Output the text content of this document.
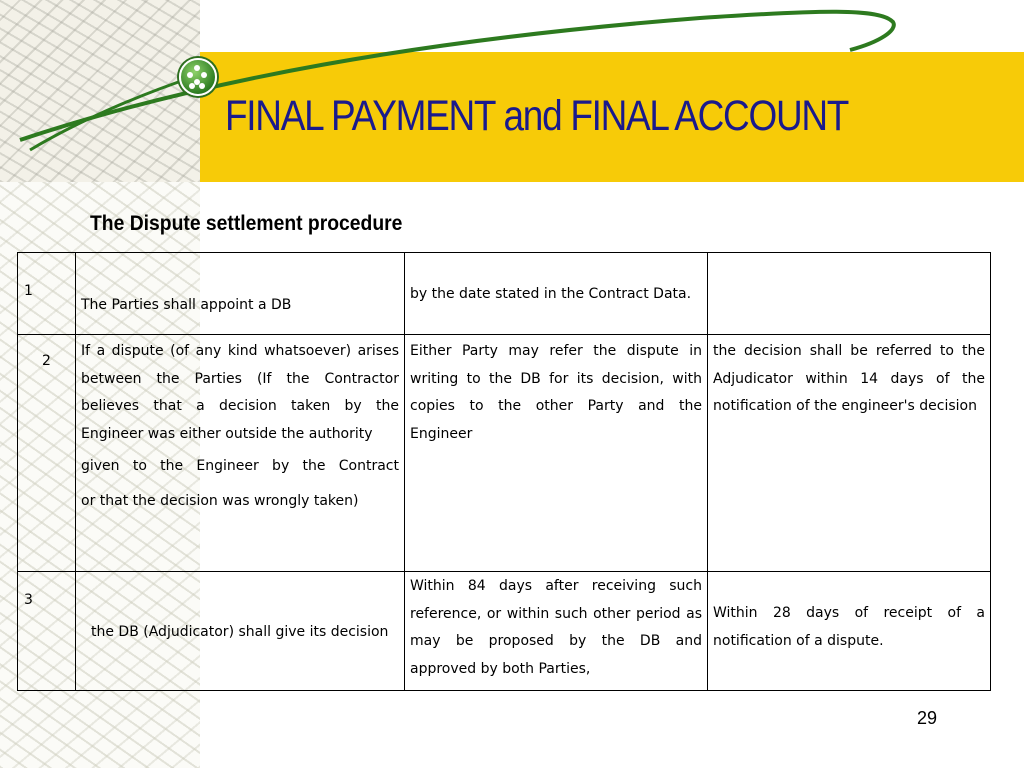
FINAL PAYMENT and FINAL ACCOUNT
The Dispute settlement procedure
1	The Parties shall appoint a DB	by the date stated in the Contract Data.	

2	If a dispute (of any kind whatsoever) arises between the Parties (If the Contractor believes that a decision taken by the Engineer was either outside the authority
given to the Engineer by the Contract
or that the decision was wrongly taken)	Either Party may refer the dispute in writing to the DB for its decision, with copies to the other Party and the Engineer	the decision shall be referred to the Adjudicator within 14 days of the notification of the engineer's decision

3	the DB (Adjudicator) shall give its decision	Within 84 days after receiving such reference, or within such other period as may be proposed by the DB and approved by both Parties,	Within 28 days of receipt of a notification of a dispute.
29
